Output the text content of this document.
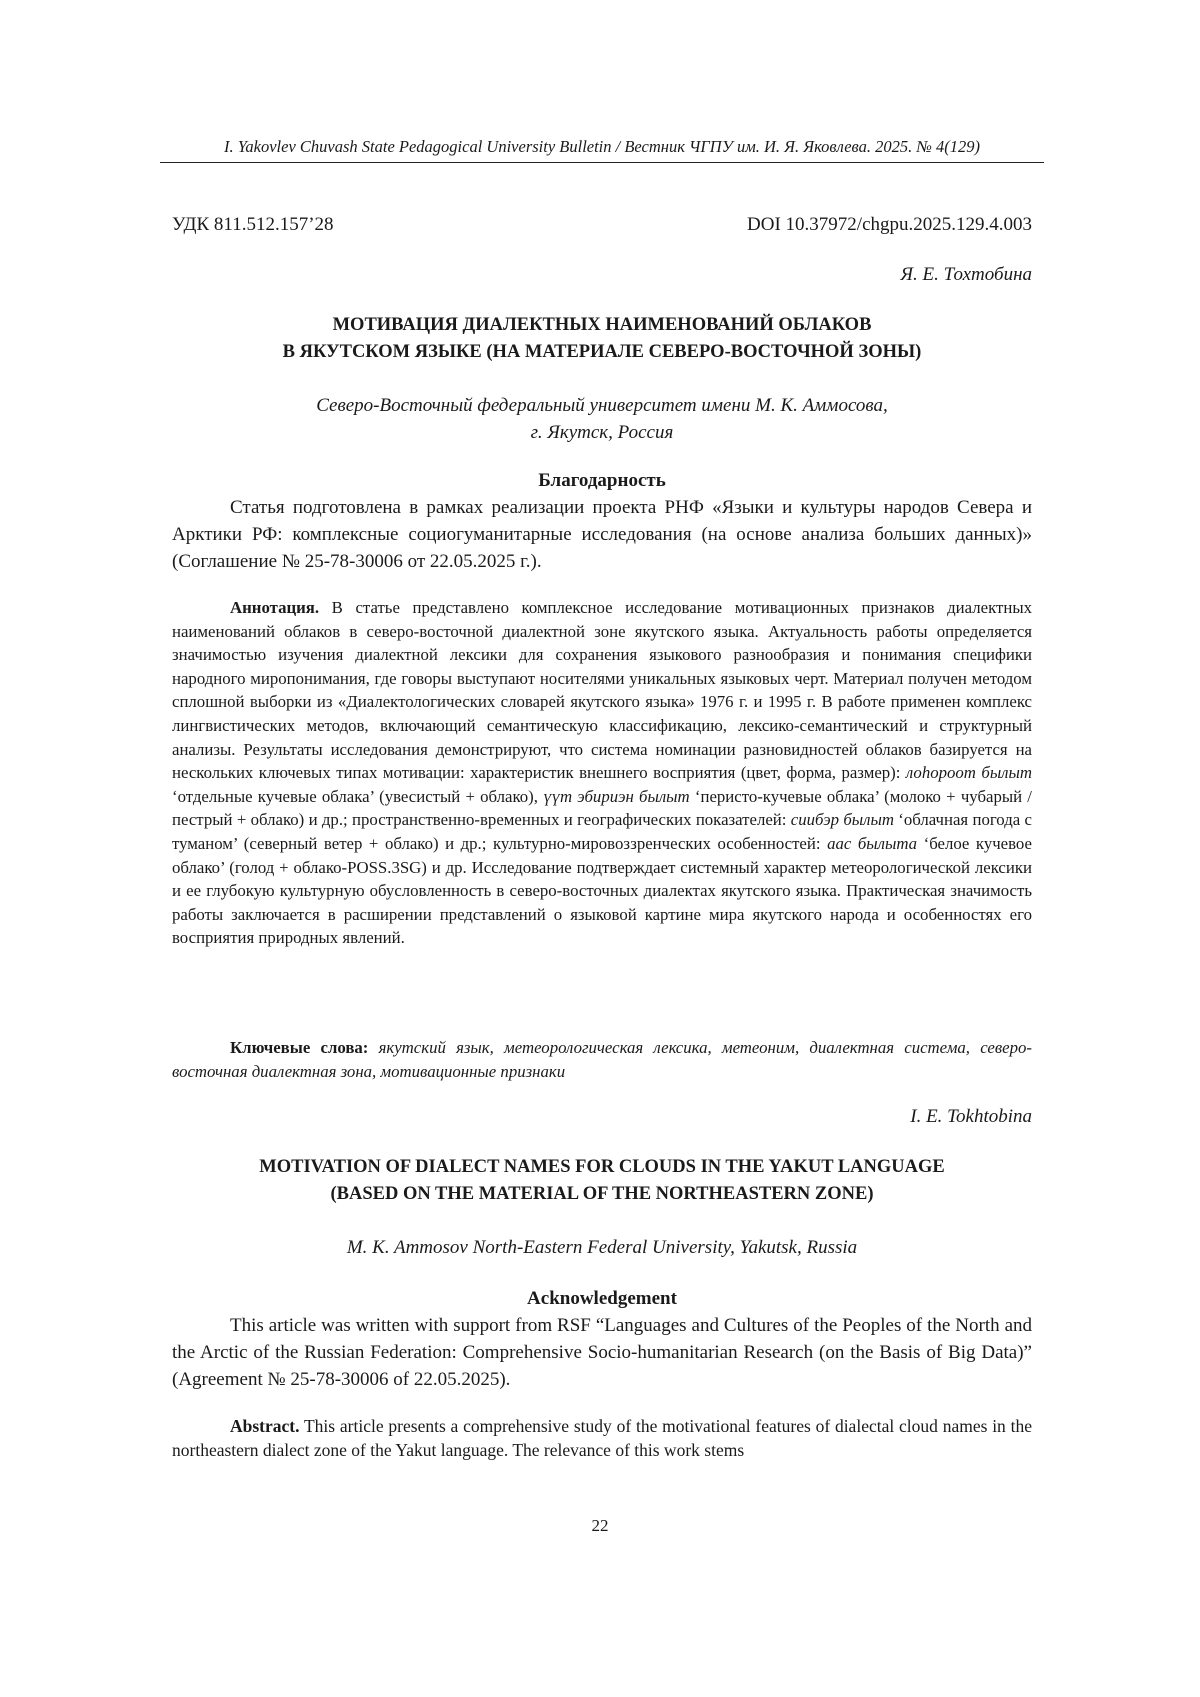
I. Yakovlev Chuvash State Pedagogical University Bulletin / Вестник ЧГПУ им. И. Я. Яковлева. 2025. № 4(129)
УДК 811.512.157’28	DOI 10.37972/chgpu.2025.129.4.003
Я. Е. Тохтобина
МОТИВАЦИЯ ДИАЛЕКТНЫХ НАИМЕНОВАНИЙ ОБЛАКОВ
В ЯКУТСКОМ ЯЗЫКЕ (НА МАТЕРИАЛЕ СЕВЕРО-ВОСТОЧНОЙ ЗОНЫ)
Северо-Восточный федеральный университет имени М. К. Аммосова,
г. Якутск, Россия
Благодарность
Статья подготовлена в рамках реализации проекта РНФ «Языки и культуры народов Севера и Арктики РФ: комплексные социогуманитарные исследования (на основе анализа больших данных)» (Соглашение № 25-78-30006 от 22.05.2025 г.).
Аннотация. В статье представлено комплексное исследование мотивационных признаков диалектных наименований облаков в северо-восточной диалектной зоне якутского языка. Актуальность работы определяется значимостью изучения диалектной лексики для сохранения языкового разнообразия и понимания специфики народного миропонимания, где говоры выступают носителями уникальных языковых черт. Материал получен методом сплошной выборки из «Диалектологических словарей якутского языка» 1976 г. и 1995 г. В работе применен комплекс лингвистических методов, включающий семантическую классификацию, лексико-семантический и структурный анализы. Результаты исследования демонстрируют, что система номинации разновидностей облаков базируется на нескольких ключевых типах мотивации: характеристик внешнего восприятия (цвет, форма, размер): лоһороот былыт ‘отдельные кучевые облака’ (увесистый + облако), үүт эбириэн былыт ‘перисто-кучевые облака’ (молоко + чубарый / пестрый + облако) и др.; пространственно-временных и географических показателей: сиибэр былыт ‘облачная погода с туманом’ (северный ветер + облако) и др.; культурно-мировоззренческих особенностей: аас былыта ‘белое кучевое облако’ (голод + облако-POSS.3SG) и др. Исследование подтверждает системный характер метеорологической лексики и ее глубокую культурную обусловленность в северо-восточных диалектах якутского языка. Практическая значимость работы заключается в расширении представлений о языковой картине мира якутского народа и особенностях его восприятия природных явлений.
Ключевые слова: якутский язык, метеорологическая лексика, метеоним, диалектная система, северо-восточная диалектная зона, мотивационные признаки
I. E. Tokhtobina
MOTIVATION OF DIALECT NAMES FOR CLOUDS IN THE YAKUT LANGUAGE
(BASED ON THE MATERIAL OF THE NORTHEASTERN ZONE)
M. K. Ammosov North-Eastern Federal University, Yakutsk, Russia
Acknowledgement
This article was written with support from RSF “Languages and Cultures of the Peoples of the North and the Arctic of the Russian Federation: Comprehensive Socio-humanitarian Research (on the Basis of Big Data)” (Agreement № 25-78-30006 of 22.05.2025).
Abstract. This article presents a comprehensive study of the motivational features of dialectal cloud names in the northeastern dialect zone of the Yakut language. The relevance of this work stems
22
